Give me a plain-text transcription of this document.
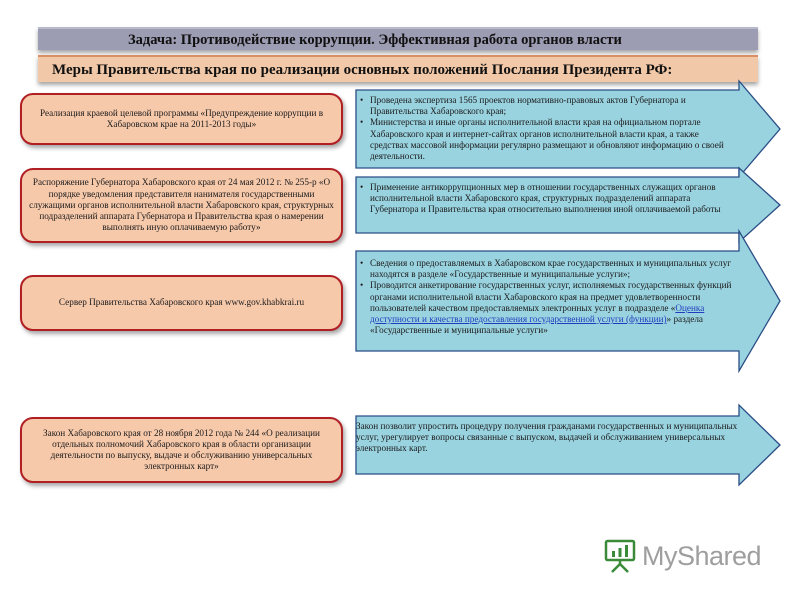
Задача: Противодействие коррупции. Эффективная работа органов власти
Меры Правительства края по реализации основных положений Послания Президента РФ:
Реализация краевой целевой программы «Предупреждение коррупции в Хабаровском крае на 2011-2013 годы»
• Проведена экспертиза 1565 проектов нормативно-правовых актов Губернатора и Правительства Хабаровского края;
• Министерства и иные органы исполнительной власти края на официальном портале Хабаровского края и интернет-сайтах органов исполнительной власти края, а также средствах массовой информации регулярно размещают и обновляют информацию о своей деятельности.
Распоряжение Губернатора Хабаровского края от 24 мая 2012 г. № 255-р «О порядке уведомления представителя нанимателя государственными служащими органов исполнительной власти Хабаровского края, структурных подразделений аппарата Губернатора и Правительства края о намерении выполнять иную оплачиваемую работу»
• Применение антикоррупционных мер в отношении государственных служащих органов исполнительной власти Хабаровского края, структурных подразделений аппарата Губернатора и Правительства края относительно выполнения иной оплачиваемой работы
Сервер Правительства Хабаровского края www.gov.khabkrai.ru
• Сведения о предоставляемых в Хабаровском крае государственных и муниципальных услуг находятся в разделе «Государственные и муниципальные услуги»;
• Проводится анкетирование государственных услуг, исполняемых государственных функций органами исполнительной власти Хабаровского края на предмет удовлетворенности пользователей качеством предоставляемых электронных услуг в подразделе «Оценка доступности и качества предоставления государственной услуги (функции)» раздела «Государственные и муниципальные услуги»
Закон Хабаровского края от 28 ноября 2012 года № 244 «О реализации отдельных полномочий Хабаровского края в области организации деятельности по выпуску, выдаче и обслуживанию универсальных электронных карт»
Закон позволит упростить процедуру получения гражданами государственных и муниципальных услуг, урегулирует вопросы связанные с выпуском, выдачей и обслуживанием универсальных электронных карт.
MyShared
